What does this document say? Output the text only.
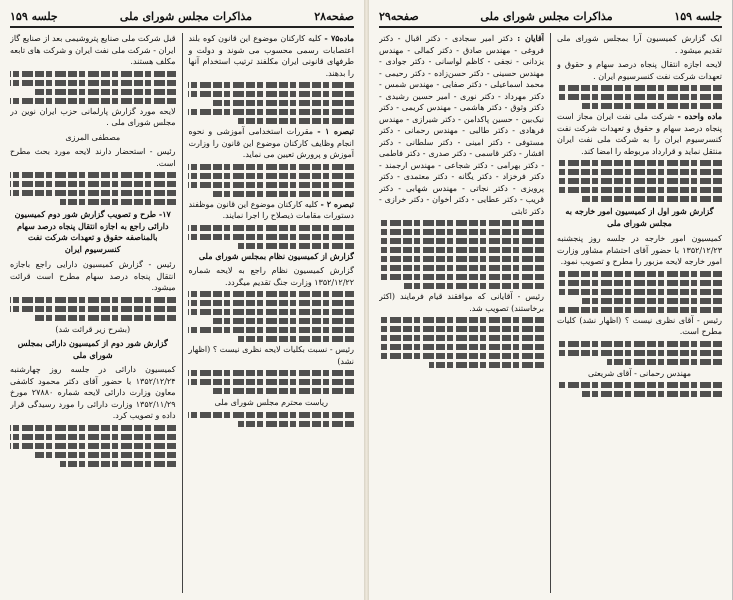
صفحه۲۸
مذاکرات مجلس شورای ملی
جلسه ۱۵۹

ماده۷۵ - کلیه کارکنان موضوع این قانون کوه بلند اعتصابات رسمی محسوب می شوند و دولت و طرفهای قانونی ایران مکلفند ترتیب استخدام آنها را بدهند.

تبصره ۱ - مقررات استخدامی آموزشی و نحوه انجام وظایف کارکنان موضوع این قانون را وزارت آموزش و پرورش تعیین می نماید.

تبصره ۲ - کلیه کارکنان موضوع این قانون موظفند دستورات مقامات ذیصلاح را اجرا نمایند.

گزارش از کمیسیون نظام بمجلس شورای ملی

گزارش کمیسیون نظام راجع به لایحه شماره ۱۳۵۲/۱۲/۲۲ وزارت جنگ تقدیم میگردد.

رئیس - نسبت بکلیات لایحه نظری نیست ؟ (اظهار نشد)

ریاست محترم مجلس شورای ملی

قبل شرکت ملی صنایع پتروشیمی بعد از صنایع گاز ایران - شرکت ملی نفت ایران و شرکت های تابعه مکلف هستند.

لایحه مورد گزارش پارلمانی حزب ایران نوین در مجلس شورای ملی .

مصطفی المرزی

رئیس - استحضار دارند لایحه مورد بحث مطرح است.

۱۷- طرح و تصویب گزارش شور دوم کمیسیون دارائی راجع به اجازه انتقال پنجاه درصد سهام بالمناصفه حقوق و تعهدات شرکت نفت کنسرسیوم ایران

رئیس - گزارش کمیسیون دارایی راجع باجازه انتقال پنجاه درصد سهام مطرح است قرائت میشود.

(بشرح زیر قرائت شد)

گزارش شور دوم از کمیسیون دارائی بمجلس شورای ملی

کمیسیون دارائی در جلسه روز چهارشنبه ۱۳۵۲/۱۲/۲۴ با حضور آقای دکتر محمود کاشفی معاون وزارت دارائی لایحه شماره ۲۷۸۸۰ مورخ ۱۳۵۲/۱۱/۲۹ وزارت دارائی را مورد رسیدگی قرار داده و تصویب کرد.

جلسه ۱۵۹
مذاکرات مجلس شورای ملی
صفحه۲۹

ایک گزارش کمیسیون آرا بمجلس شورای ملی تقدیم میشود .

لایحه اجازه انتقال پنجاه درصد سهام و حقوق و تعهدات شرکت نفت کنسرسیوم ایران .

ماده واحده - شرکت ملی نفت ایران مجاز است پنجاه درصد سهام و حقوق و تعهدات شرکت نفت کنسرسیوم ایران را به شرکت ملی نفت ایران منتقل نماید و قرارداد مربوطه را امضا کند.

گزارش شور اول از کمیسیون امور خارجه به مجلس شورای ملی

کمیسیون امور خارجه در جلسه روز پنجشنبه ۱۳۵۲/۱۲/۲۳ با حضور آقای احتشام مشاور وزارت امور خارجه لایحه مزبور را مطرح و تصویب نمود.

رئیس - آقای نظری نیست ؟ (اظهار نشد) کلیات مطرح است.

مهندس رحمانی - آقای شریعتی

آقایان : دکتر امیر سجادی - دکتر اقبال - دکتر فروغی - مهندس صادق - دکتر کمالی - مهندس یزدانی - نجفی - کاظم لواسانی - دکتر جوادی - مهندس حسینی - دکتر حسن‌زاده - دکتر رحیمی - محمد اسماعیلی - دکتر صفایی - مهندس شمس - دکتر مهرداد - دکتر نوری - امیر حسین رشیدی - دکتر وثوق - دکتر هاشمی - مهندس کریمی - دکتر نیک‌بین - حسین پاکدامن - دکتر شیرازی - مهندس فرهادی - دکتر طالبی - مهندس رحمانی - دکتر مستوفی - دکتر امینی - دکتر سلطانی - دکتر افشار - دکتر قاسمی - دکتر صدری - دکتر فاطمی - دکتر بهرامی - دکتر شجاعی - مهندس ارجمند - دکتر فرخزاد - دکتر یگانه - دکتر معتمدی - دکتر پرویزی - دکتر نجاتی - مهندس شهابی - دکتر قریب - دکتر عطایی - دکتر اخوان - دکتر خرازی - دکتر ثابتی

رئیس - آقایانی که موافقند قیام فرمایند (اکثر برخاستند) تصویب شد.
